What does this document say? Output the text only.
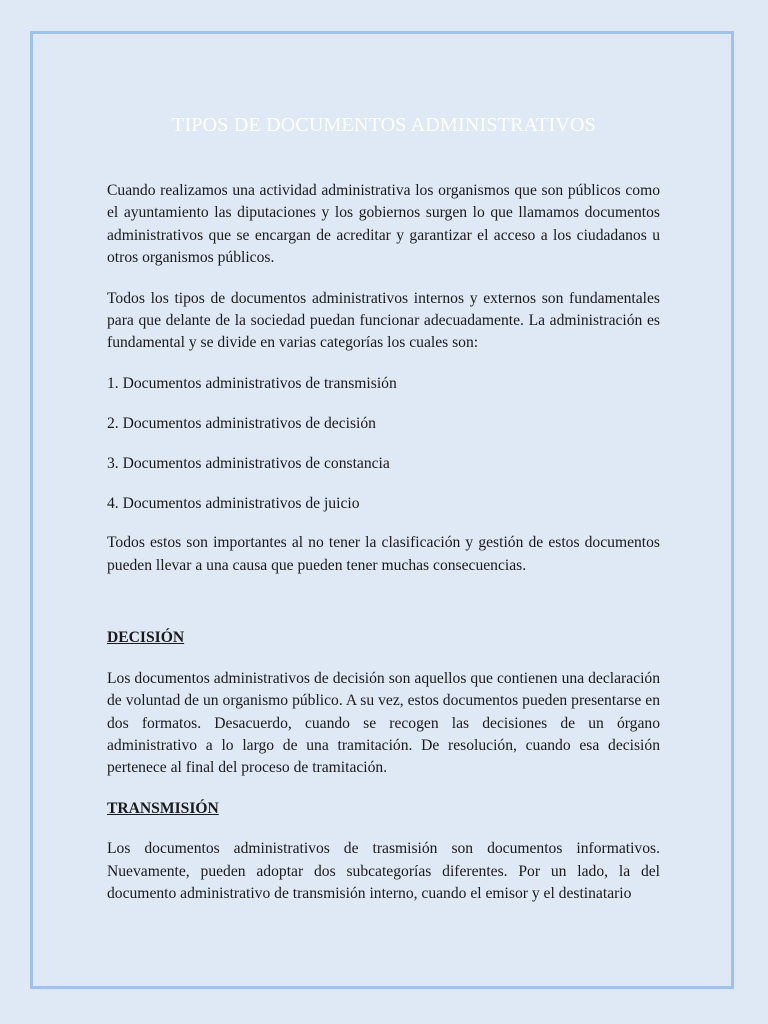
TIPOS DE DOCUMENTOS ADMINISTRATIVOS

Cuando realizamos una actividad administrativa los organismos que son públicos como el ayuntamiento las diputaciones y los gobiernos surgen lo que llamamos documentos administrativos que se encargan de acreditar y garantizar el acceso a los ciudadanos u otros organismos públicos.

Todos los tipos de documentos administrativos internos y externos son fundamentales para que delante de la sociedad puedan funcionar adecuadamente. La administración es fundamental y se divide en varias categorías los cuales son:

1. Documentos administrativos de transmisión

2. Documentos administrativos de decisión

3. Documentos administrativos de constancia

4. Documentos administrativos de juicio

Todos estos son importantes al no tener la clasificación y gestión de estos documentos pueden llevar a una causa que pueden tener muchas consecuencias.

DECISIÓN

Los documentos administrativos de decisión son aquellos que contienen una declaración de voluntad de un organismo público. A su vez, estos documentos pueden presentarse en dos formatos. Desacuerdo, cuando se recogen las decisiones de un órgano administrativo a lo largo de una tramitación. De resolución, cuando esa decisión pertenece al final del proceso de tramitación.

TRANSMISIÓN

Los documentos administrativos de trasmisión son documentos informativos. Nuevamente, pueden adoptar dos subcategorías diferentes. Por un lado, la del documento administrativo de transmisión interno, cuando el emisor y el destinatario
